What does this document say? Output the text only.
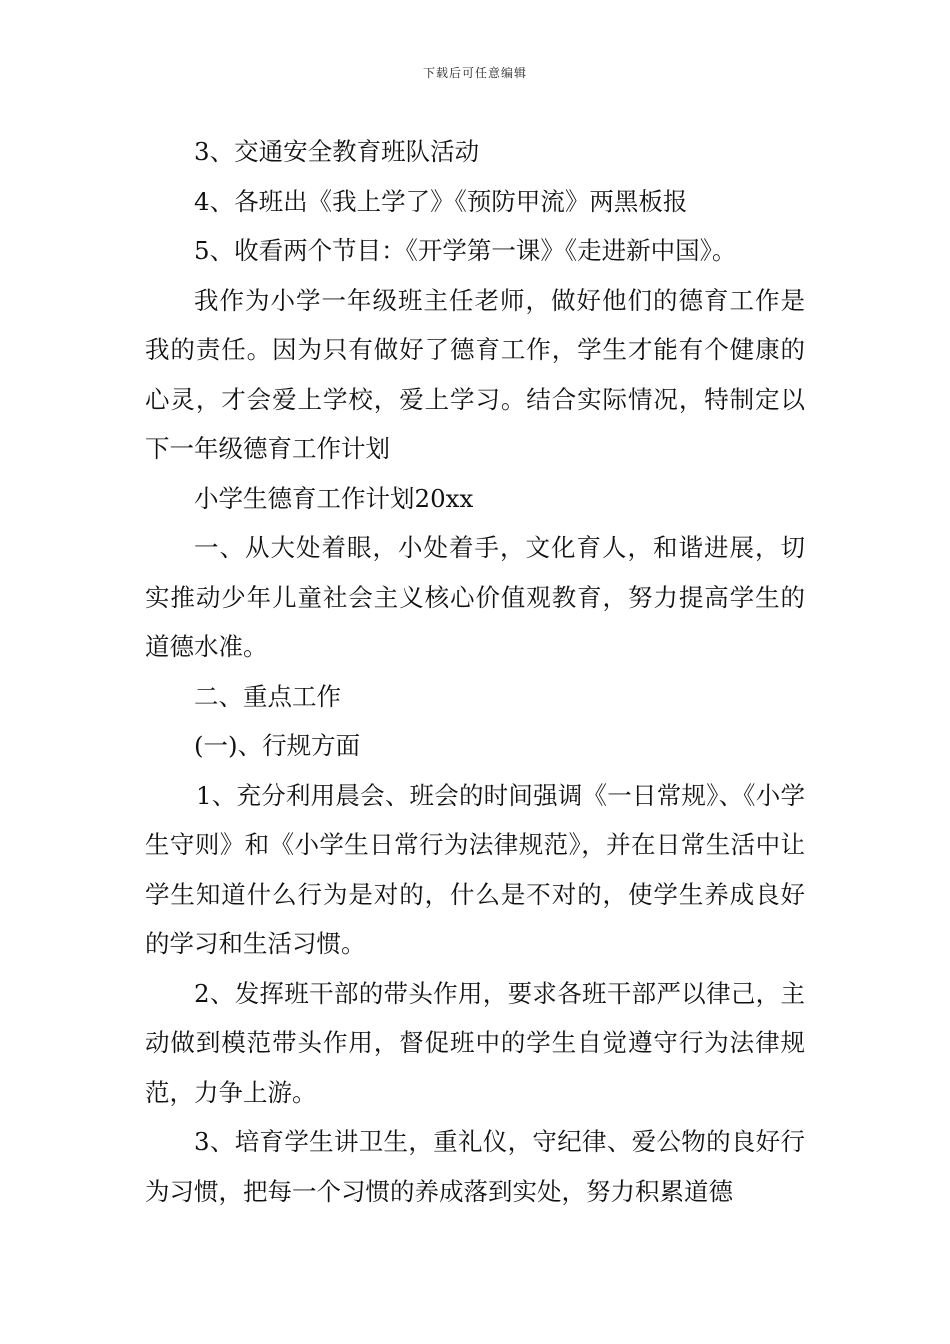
下载后可任意编辑

3、交通安全教育班队活动

4、各班出《我上学了》《预防甲流》两黑板报

5、收看两个节目：《开学第一课》《走进新中国》。

我作为小学一年级班主任老师，做好他们的德育工作是我的责任。因为只有做好了德育工作，学生才能有个健康的心灵，才会爱上学校，爱上学习。结合实际情况，特制定以下一年级德育工作计划

小学生德育工作计划20xx

一、从大处着眼，小处着手，文化育人，和谐进展，切实推动少年儿童社会主义核心价值观教育，努力提高学生的道德水准。

二、重点工作

(一)、行规方面

1、充分利用晨会、班会的时间强调《一日常规》、《小学生守则》和《小学生日常行为法律规范》，并在日常生活中让学生知道什么行为是对的，什么是不对的，使学生养成良好的学习和生活习惯。

2、发挥班干部的带头作用，要求各班干部严以律己，主动做到模范带头作用，督促班中的学生自觉遵守行为法律规范，力争上游。

3、培育学生讲卫生，重礼仪，守纪律、爱公物的良好行为习惯，把每一个习惯的养成落到实处，努力积累道德
